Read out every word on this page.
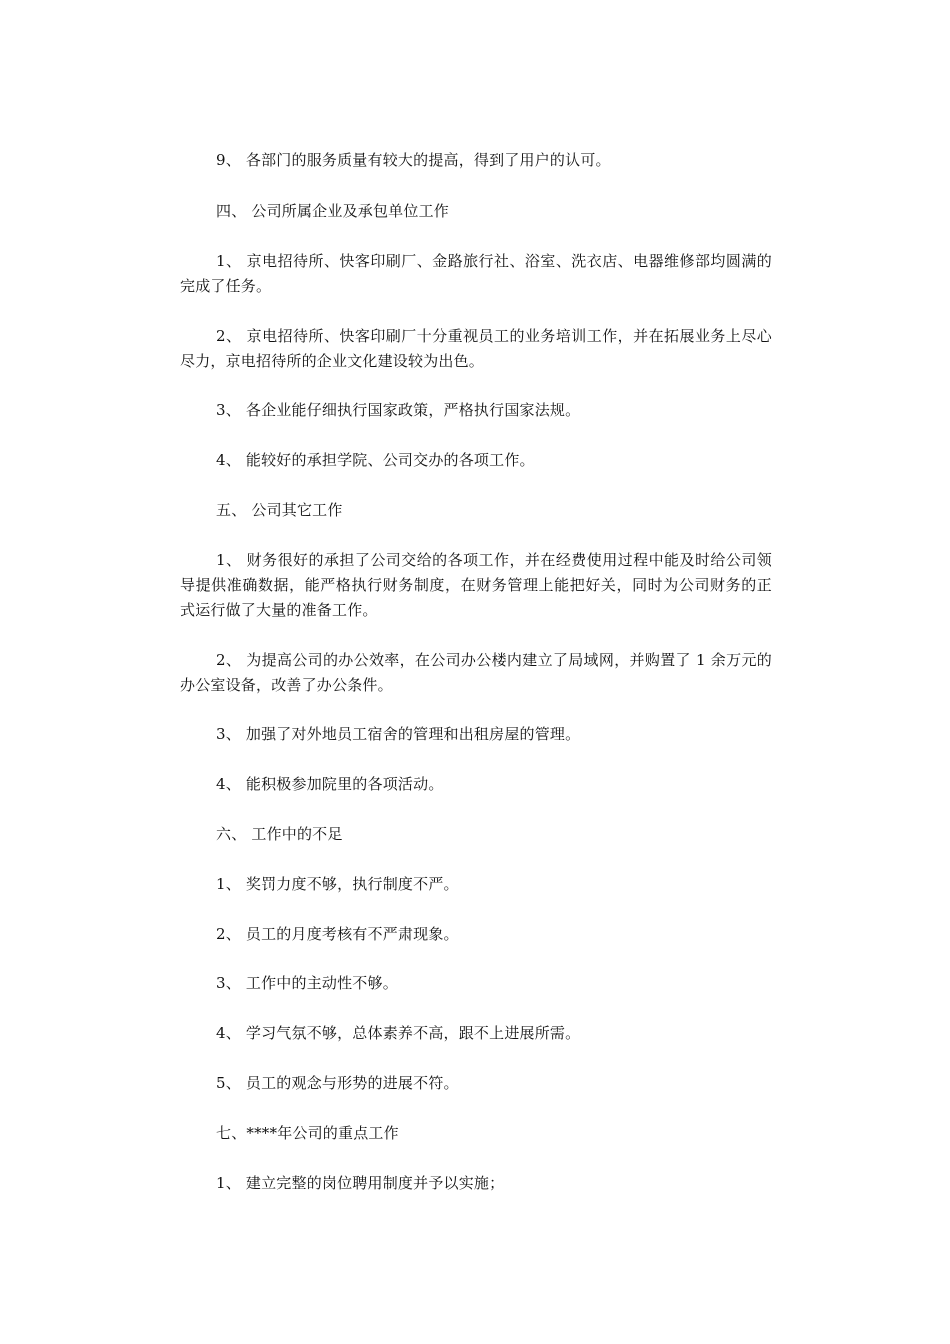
9、 各部门的服务质量有较大的提高，得到了用户的认可。

四、 公司所属企业及承包单位工作

1、 京电招待所、快客印刷厂、金路旅行社、浴室、洗衣店、电器维修部均圆满的完成了任务。

2、 京电招待所、快客印刷厂十分重视员工的业务培训工作，并在拓展业务上尽心尽力，京电招待所的企业文化建设较为出色。

3、 各企业能仔细执行国家政策，严格执行国家法规。

4、 能较好的承担学院、公司交办的各项工作。

五、 公司其它工作

1、 财务很好的承担了公司交给的各项工作，并在经费使用过程中能及时给公司领导提供准确数据，能严格执行财务制度，在财务管理上能把好关，同时为公司财务的正式运行做了大量的准备工作。

2、 为提高公司的办公效率，在公司办公楼内建立了局域网，并购置了 1 余万元的办公室设备，改善了办公条件。

3、 加强了对外地员工宿舍的管理和出租房屋的管理。

4、 能积极参加院里的各项活动。

六、 工作中的不足

1、 奖罚力度不够，执行制度不严。

2、 员工的月度考核有不严肃现象。

3、 工作中的主动性不够。

4、 学习气氛不够，总体素养不高，跟不上进展所需。

5、 员工的观念与形势的进展不符。

七、****年公司的重点工作

1、 建立完整的岗位聘用制度并予以实施；
